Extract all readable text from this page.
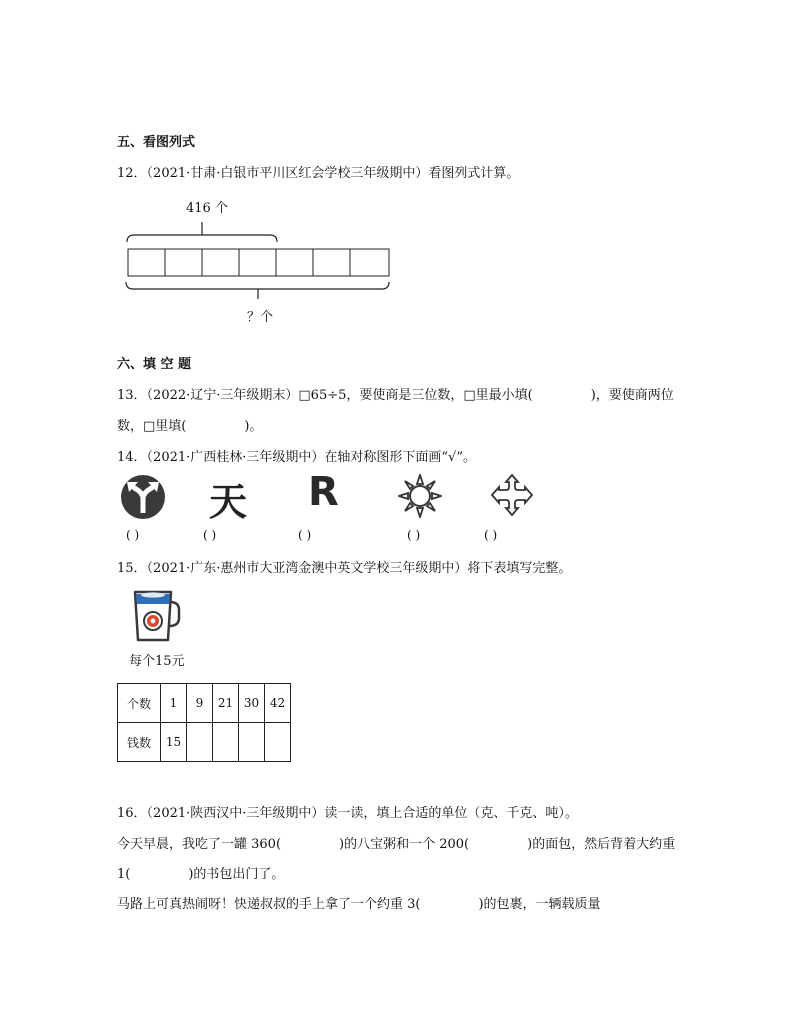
五、看图列式
12．（2021·甘肃·白银市平川区红会学校三年级期中）看图列式计算。
416 个
？个
六、填 空 题
13．（2022·辽宁·三年级期末）□65÷5，要使商是三位数，□里最小填(	)，要使商两位
数，□里填(	)。
14．（2021·广西桂林·三年级期中）在轴对称图形下面画“√”。
天 R
( )	( )	( )	( )	( )
15．（2021·广东·惠州市大亚湾金澳中英文学校三年级期中）将下表填写完整。
每个15元
个数	1	9	21	30	42
钱数	15				
16．（2021·陕西汉中·三年级期中）读一读，填上合适的单位（克、千克、吨）。
今天早晨，我吃了一罐 360(	)的八宝粥和一个 200(	)的面包，然后背着大约重
1(	)的书包出门了。
马路上可真热闹呀！快递叔叔的手上拿了一个约重 3(	)的包裹，一辆载质量
